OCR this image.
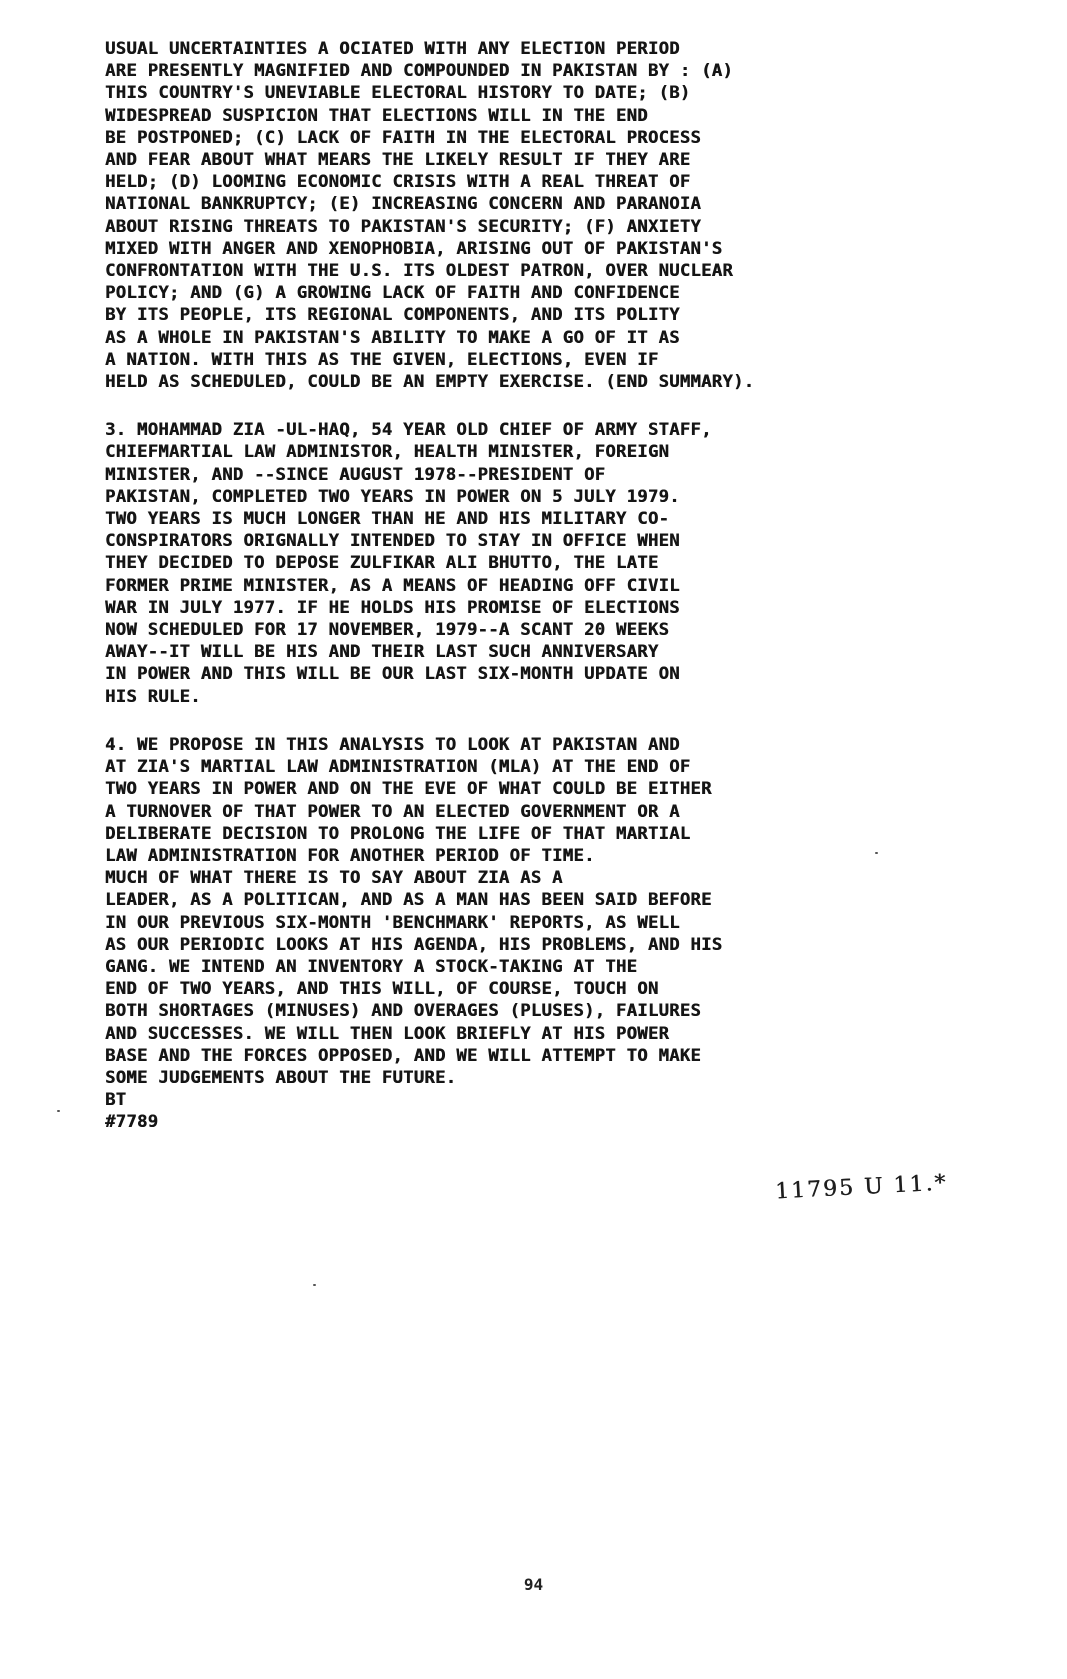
USUAL UNCERTAINTIES A OCIATED WITH ANY ELECTION PERIOD
ARE PRESENTLY MAGNIFIED AND COMPOUNDED IN PAKISTAN BY : (A)
THIS COUNTRY'S UNEVIABLE ELECTORAL HISTORY TO DATE; (B)
WIDESPREAD SUSPICION THAT ELECTIONS WILL IN THE END
BE POSTPONED; (C) LACK OF FAITH IN THE ELECTORAL PROCESS
AND FEAR ABOUT WHAT MEARS THE LIKELY RESULT IF THEY ARE
HELD; (D) LOOMING ECONOMIC CRISIS WITH A REAL THREAT OF
NATIONAL BANKRUPTCY; (E) INCREASING CONCERN AND PARANOIA
ABOUT RISING THREATS TO PAKISTAN'S SECURITY; (F) ANXIETY
MIXED WITH ANGER AND XENOPHOBIA, ARISING OUT OF PAKISTAN'S
CONFRONTATION WITH THE U.S. ITS OLDEST PATRON, OVER NUCLEAR
POLICY; AND (G) A GROWING LACK OF FAITH AND CONFIDENCE
BY ITS PEOPLE, ITS REGIONAL COMPONENTS, AND ITS POLITY
AS A WHOLE IN PAKISTAN'S ABILITY TO MAKE A GO OF IT AS
A NATION. WITH THIS AS THE GIVEN, ELECTIONS, EVEN IF
HELD AS SCHEDULED, COULD BE AN EMPTY EXERCISE. (END SUMMARY).
3. MOHAMMAD ZIA -UL-HAQ, 54 YEAR OLD CHIEF OF ARMY STAFF,
CHIEFMARTIAL LAW ADMINISTOR, HEALTH MINISTER, FOREIGN
MINISTER, AND --SINCE AUGUST 1978--PRESIDENT OF
PAKISTAN, COMPLETED TWO YEARS IN POWER ON 5 JULY 1979.
TWO YEARS IS MUCH LONGER THAN HE AND HIS MILITARY CO-
CONSPIRATORS ORIGNALLY INTENDED TO STAY IN OFFICE WHEN
THEY DECIDED TO DEPOSE ZULFIKAR ALI BHUTTO, THE LATE
FORMER PRIME MINISTER, AS A MEANS OF HEADING OFF CIVIL
WAR IN JULY 1977. IF HE HOLDS HIS PROMISE OF ELECTIONS
NOW SCHEDULED FOR 17 NOVEMBER, 1979--A SCANT 20 WEEKS
AWAY--IT WILL BE HIS AND THEIR LAST SUCH ANNIVERSARY
IN POWER AND THIS WILL BE OUR LAST SIX-MONTH UPDATE ON
HIS RULE.
4. WE PROPOSE IN THIS ANALYSIS TO LOOK AT PAKISTAN AND
AT ZIA'S MARTIAL LAW ADMINISTRATION (MLA) AT THE END OF
TWO YEARS IN POWER AND ON THE EVE OF WHAT COULD BE EITHER
A TURNOVER OF THAT POWER TO AN ELECTED GOVERNMENT OR A
DELIBERATE DECISION TO PROLONG THE LIFE OF THAT MARTIAL
LAW ADMINISTRATION FOR ANOTHER PERIOD OF TIME.
MUCH OF WHAT THERE IS TO SAY ABOUT ZIA AS A
LEADER, AS A POLITICAN, AND AS A MAN HAS BEEN SAID BEFORE
IN OUR PREVIOUS SIX-MONTH 'BENCHMARK' REPORTS, AS WELL
AS OUR PERIODIC LOOKS AT HIS AGENDA, HIS PROBLEMS, AND HIS
GANG. WE INTEND AN INVENTORY A STOCK-TAKING AT THE
END OF TWO YEARS, AND THIS WILL, OF COURSE, TOUCH ON
BOTH SHORTAGES (MINUSES) AND OVERAGES (PLUSES), FAILURES
AND SUCCESSES. WE WILL THEN LOOK BRIEFLY AT HIS POWER
BASE AND THE FORCES OPPOSED, AND WE WILL ATTEMPT TO MAKE
SOME JUDGEMENTS ABOUT THE FUTURE.
BT
#7789
11795 U 11.*
94
